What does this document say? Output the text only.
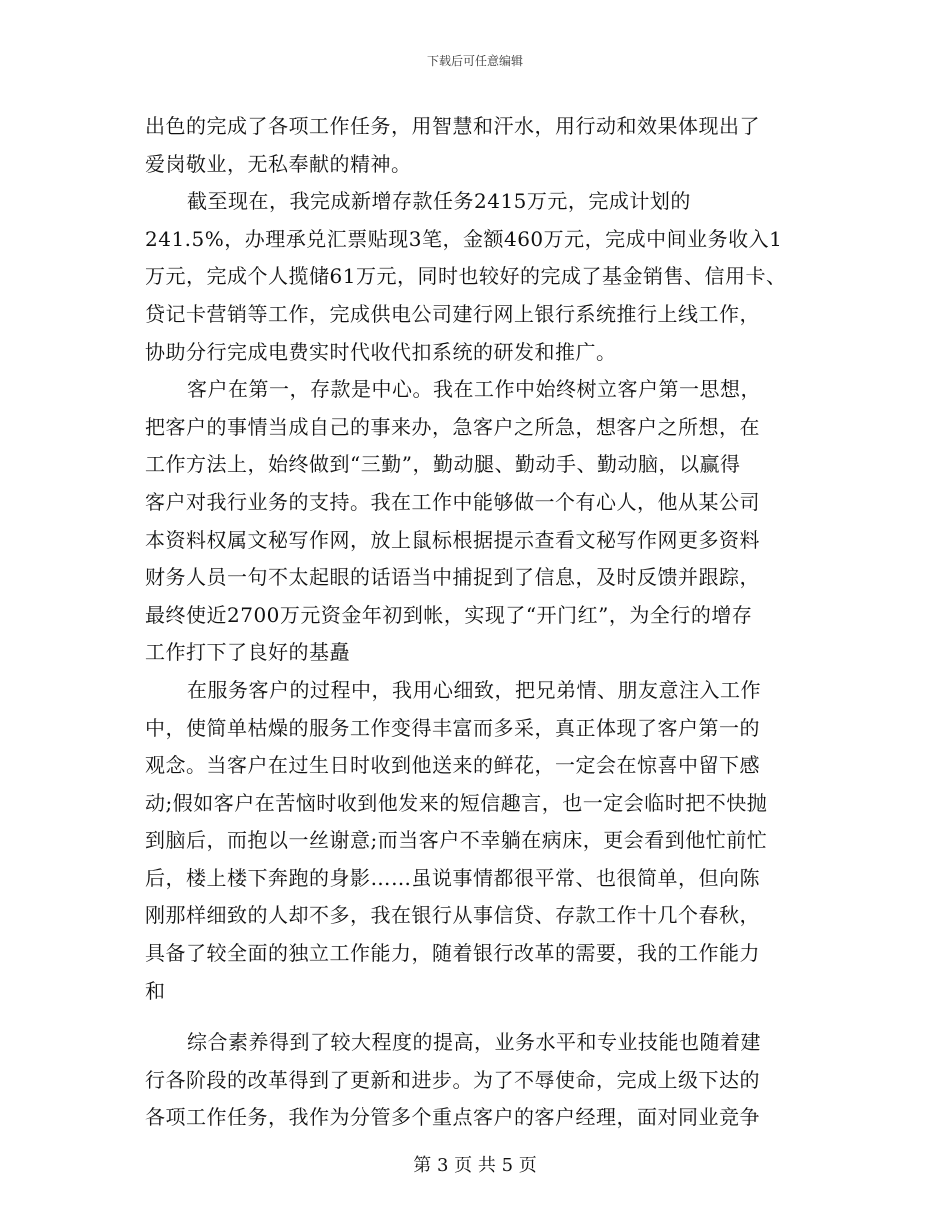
下载后可任意编辑
出色的完成了各项工作任务，用智慧和汗水，用行动和效果体现出了
爱岗敬业，无私奉献的精神。
截至现在，我完成新增存款任务2415万元，完成计划的
241.5%，办理承兑汇票贴现3笔，金额460万元，完成中间业务收入1
万元，完成个人揽储61万元，同时也较好的完成了基金销售、信用卡、
贷记卡营销等工作，完成供电公司建行网上银行系统推行上线工作，
协助分行完成电费实时代收代扣系统的研发和推广。
客户在第一，存款是中心。我在工作中始终树立客户第一思想，
把客户的事情当成自己的事来办，急客户之所急，想客户之所想，在
工作方法上，始终做到“三勤”，勤动腿、勤动手、勤动脑，以赢得
客户对我行业务的支持。我在工作中能够做一个有心人，他从某公司
本资料权属文秘写作网，放上鼠标根据提示查看文秘写作网更多资料
财务人员一句不太起眼的话语当中捕捉到了信息，及时反馈并跟踪，
最终使近2700万元资金年初到帐，实现了“开门红”，为全行的增存
工作打下了良好的基矗
在服务客户的过程中，我用心细致，把兄弟情、朋友意注入工作
中，使简单枯燥的服务工作变得丰富而多采，真正体现了客户第一的
观念。当客户在过生日时收到他送来的鲜花，一定会在惊喜中留下感
动;假如客户在苦恼时收到他发来的短信趣言，也一定会临时把不快抛
到脑后，而抱以一丝谢意;而当客户不幸躺在病床，更会看到他忙前忙
后，楼上楼下奔跑的身影……虽说事情都很平常、也很简单，但向陈
刚那样细致的人却不多，我在银行从事信贷、存款工作十几个春秋，
具备了较全面的独立工作能力，随着银行改革的需要，我的工作能力
和
综合素养得到了较大程度的提高，业务水平和专业技能也随着建
行各阶段的改革得到了更新和进步。为了不辱使命，完成上级下达的
各项工作任务，我作为分管多个重点客户的客户经理，面对同业竞争
第 3 页 共 5 页
